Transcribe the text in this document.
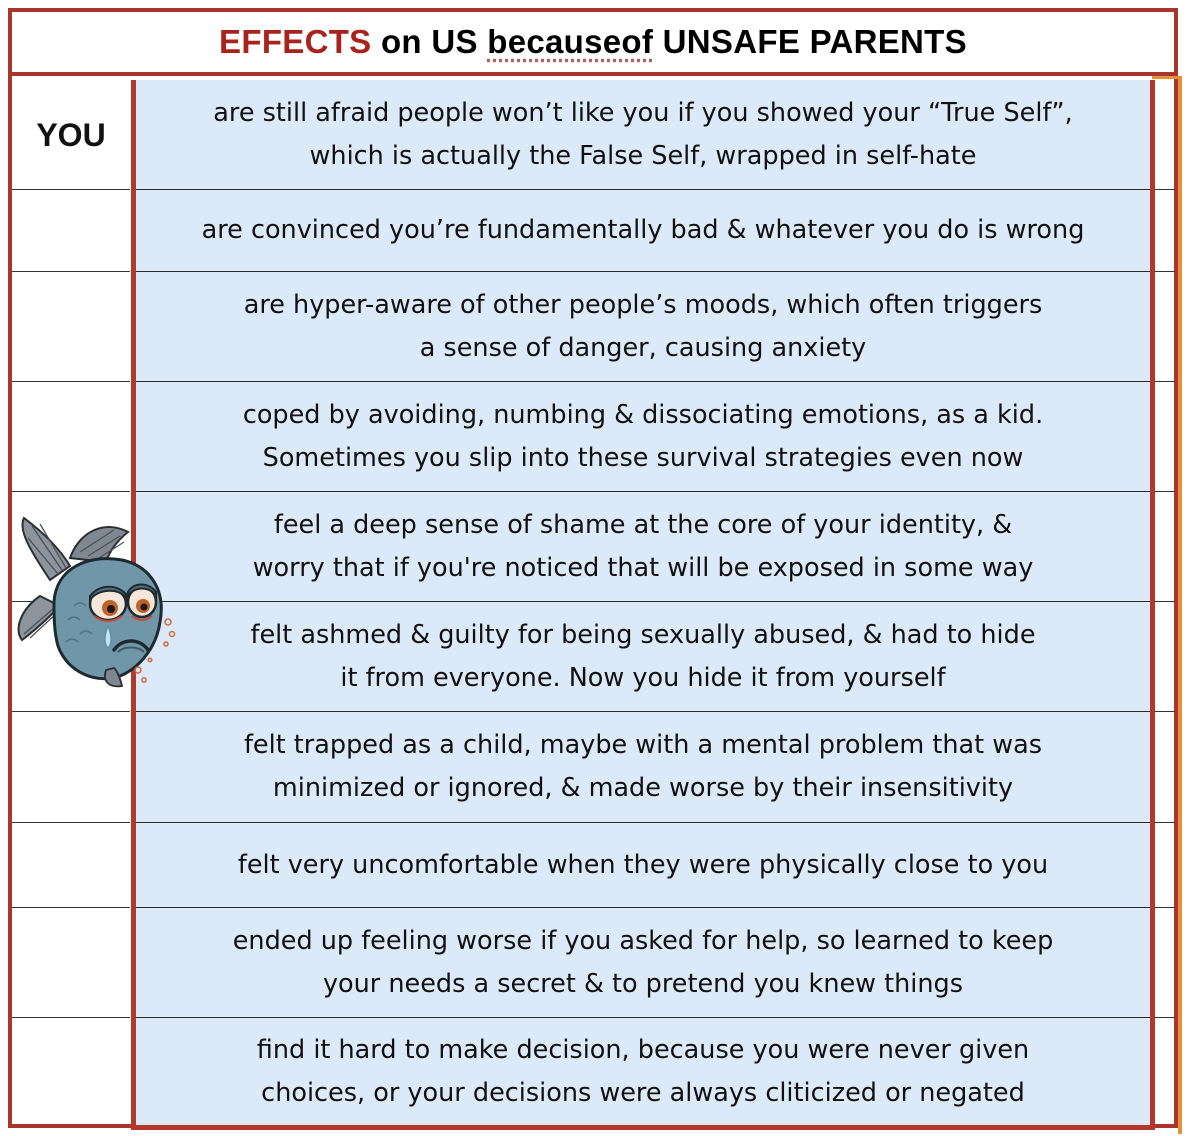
EFFECTS on US becauseof UNSAFE PARENTS
YOU
are still afraid people won’t like you if you showed your “True Self”,
which is actually the False Self, wrapped in self-hate
are convinced you’re fundamentally bad & whatever you do is wrong
are hyper-aware of other people’s moods, which often triggers
a sense of danger, causing anxiety
coped by avoiding, numbing & dissociating emotions, as a kid.
Sometimes you slip into these survival strategies even now
feel a deep sense of shame at the core of your identity, &
worry that if you're noticed that will be exposed in some way
felt ashmed & guilty for being sexually abused, & had to hide
it from everyone. Now you hide it from yourself
felt trapped as a child, maybe with a mental problem that was
minimized or ignored, & made worse by their insensitivity
felt very uncomfortable when they were physically close to you
ended up feeling worse if you asked for help, so learned to keep
your needs a secret & to pretend you knew things
find it hard to make decision, because you were never given
choices, or your decisions were always cliticized or negated
